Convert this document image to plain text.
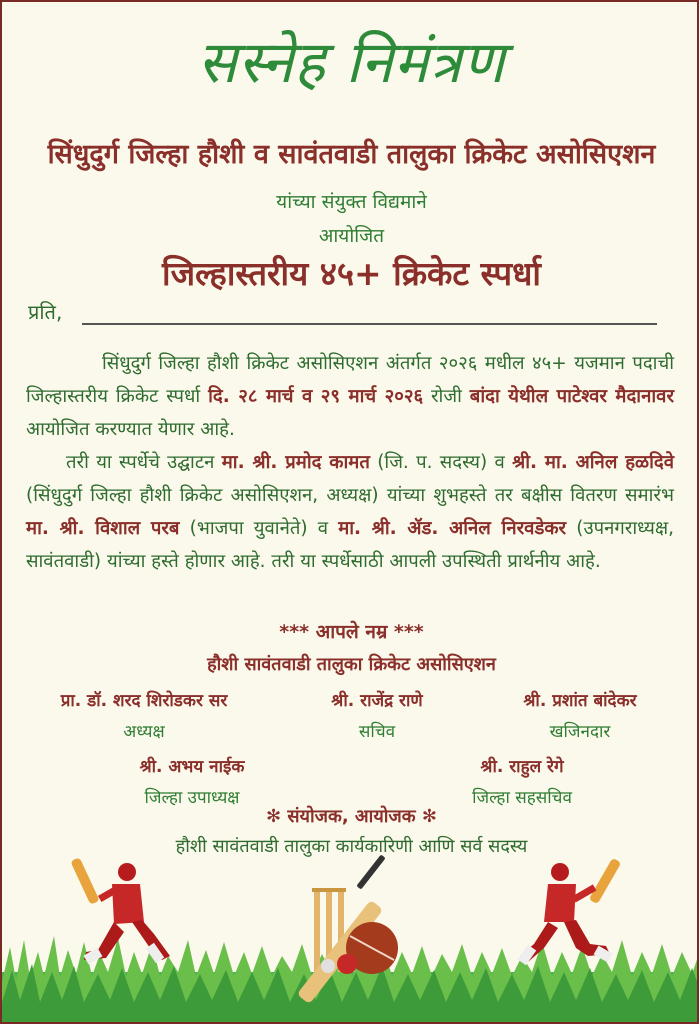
सस्नेह निमंत्रण
सिंधुदुर्ग जिल्हा हौशी व सावंतवाडी तालुका क्रिकेट असोसिएशन
यांच्या संयुक्त विद्यमाने
आयोजित
जिल्हास्तरीय ४५+ क्रिकेट स्पर्धा
प्रति,

सिंधुदुर्ग जिल्हा हौशी क्रिकेट असोसिएशन अंतर्गत २०२६ मधील ४५+ यजमान पदाची जिल्हास्तरीय क्रिकेट स्पर्धा दि. २८ मार्च व २९ मार्च २०२६ रोजी बांदा येथील पाटेश्वर मैदानावर आयोजित करण्यात येणार आहे.

तरी या स्पर्धेचे उद्घाटन मा. श्री. प्रमोद कामत (जि. प. सदस्य) व श्री. मा. अनिल हळदिवे (सिंधुदुर्ग जिल्हा हौशी क्रिकेट असोसिएशन, अध्यक्ष) यांच्या शुभहस्ते तर बक्षीस वितरण समारंभ मा. श्री. विशाल परब (भाजपा युवानेते) व मा. श्री. ॲड. अनिल निरवडेकर (उपनगराध्यक्ष, सावंतवाडी) यांच्या हस्ते होणार आहे. तरी या स्पर्धेसाठी आपली उपस्थिती प्रार्थनीय आहे.

*** आपले नम्र ***
हौशी सावंतवाडी तालुका क्रिकेट असोसिएशन
प्रा. डॉ. शरद शिरोडकर सर
अध्यक्ष
श्री. राजेंद्र राणे
सचिव
श्री. प्रशांत बांदेकर
खजिनदार
श्री. अभय नाईक
जिल्हा उपाध्यक्ष
श्री. राहुल रेगे
जिल्हा सहसचिव
✻ संयोजक, आयोजक ✻
हौशी सावंतवाडी तालुका कार्यकारिणी आणि सर्व सदस्य
